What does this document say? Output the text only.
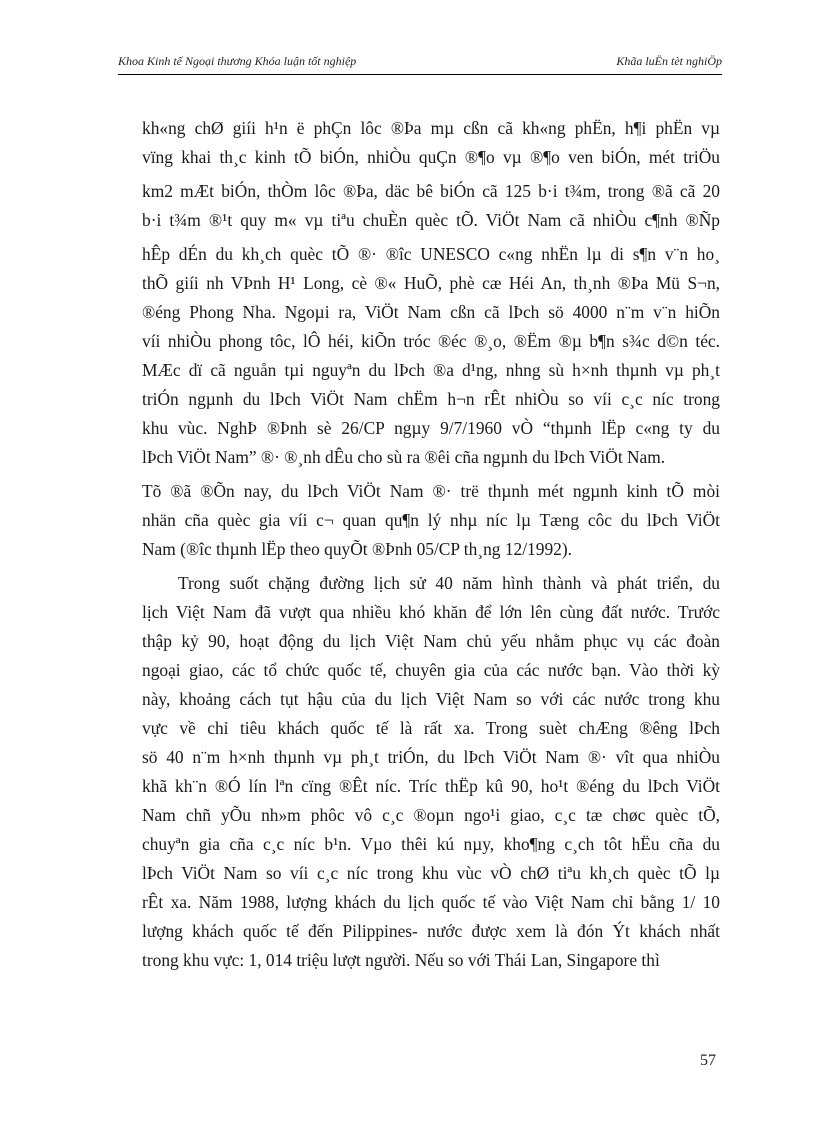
Khoa Kinh tế Ngoại thương Khóa luận tốt nghiệp	Khãa luËn tèt nghiÖp
kh«ng chØ giíi h¹n ë phÇn lôc ®Þa mµ cßn cã kh«ng phËn, h¶i phËn vµ
vïng khai th¸c kinh tÕ biÓn, nhiÒu quÇn ®¶o vµ ®¶o ven biÓn, mét triÖu
km2 mÆt biÓn, thÒm lôc ®Þa, däc bê biÓn cã 125 b·i t¾m, trong ®ã cã 20
b·i t¾m ®¹t quy m« vµ tiªu chuÈn quèc tÕ. ViÖt Nam cã nhiÒu c¶nh ®Ñp
hÊp dÉn du kh¸ch quèc tÕ ®· ®îc UNESCO c«ng nhËn lµ di s¶n v¨n ho¸
thÕ giíi nh VÞnh H¹ Long, cè ®« HuÕ, phè cæ Héi An, th¸nh ®Þa Mü S¬n,
®éng Phong Nha. Ngoµi ra, ViÖt Nam cßn cã lÞch sö 4000 n¨m v¨n hiÕn
víi nhiÒu phong tôc, lÔ héi, kiÕn tróc ®éc ®¸o, ®Ëm ®µ b¶n s¾c d©n téc.
MÆc dï cã nguån tµi nguyªn du lÞch ®a d¹ng, nhng sù h×nh thµnh vµ ph¸t
triÓn ngµnh du lÞch ViÖt Nam chËm h¬n rÊt nhiÒu so víi c¸c níc trong
khu vùc. NghÞ ®Þnh sè 26/CP ngµy 9/7/1960 vÒ “thµnh lËp c«ng ty du
lÞch ViÖt Nam” ®· ®¸nh dÊu cho sù ra ®êi cña ngµnh du lÞch ViÖt Nam.
Tõ ®ã ®Õn nay, du lÞch ViÖt Nam ®· trë thµnh mét ngµnh kinh tÕ mòi
nhän cña quèc gia víi c¬ quan qu¶n lý nhµ níc lµ Tæng côc du lÞch ViÖt
Nam (®îc thµnh lËp theo quyÕt ®Þnh 05/CP th¸ng 12/1992).
Trong suốt chặng đường lịch sử 40 năm hình thành và phát triển, du
lịch Việt Nam đã vượt qua nhiều khó khăn để lớn lên cùng đất nước. Trước
thập kỷ 90, hoạt động du lịch Việt Nam chủ yếu nhằm phục vụ các đoàn
ngoại giao, các tổ chức quốc tế, chuyên gia của các nước bạn. Vào thời kỳ
này, khoảng cách tụt hậu của du lịch Việt Nam so với các nước trong khu
vực về chỉ tiêu khách quốc tế là rất xa. Trong suèt chÆng ®êng lÞch
sö 40 n¨m h×nh thµnh vµ ph¸t triÓn, du lÞch ViÖt Nam ®· vît qua nhiÒu
khã kh¨n ®Ó lín lªn cïng ®Êt níc. Tríc thËp kû 90, ho¹t ®éng du lÞch ViÖt
Nam chñ yÕu nh»m phôc vô c¸c ®oµn ngo¹i giao, c¸c tæ chøc quèc tÕ,
chuyªn gia cña c¸c níc b¹n. Vµo thêi kú nµy, kho¶ng c¸ch tôt hËu cña du
lÞch ViÖt Nam so víi c¸c níc trong khu vùc vÒ chØ tiªu kh¸ch quèc tÕ lµ
rÊt xa. Năm 1988, lượng khách du lịch quốc tế vào Việt Nam chỉ bằng 1/ 10
lượng khách quốc tế đến Pilippines- nước được xem là đón Ýt khách nhất
trong khu vực: 1, 014 triệu lượt người. Nếu so với Thái Lan, Singapore thì
57
